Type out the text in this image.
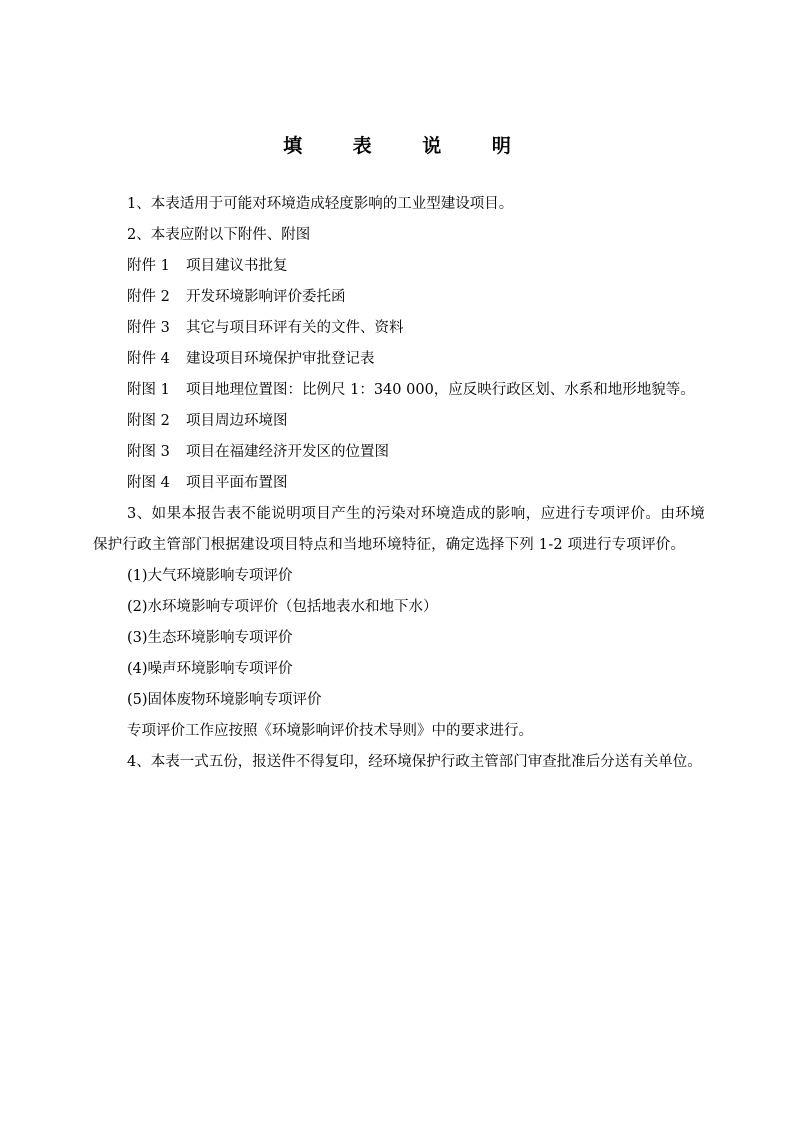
填 表 说 明

1、本表适用于可能对环境造成轻度影响的工业型建设项目。

2、本表应附以下附件、附图

附件 1 项目建议书批复

附件 2 开发环境影响评价委托函

附件 3 其它与项目环评有关的文件、资料

附件 4 建设项目环境保护审批登记表

附图 1 项目地理位置图：比例尺 1：340 000，应反映行政区划、水系和地形地貌等。

附图 2 项目周边环境图

附图 3 项目在福建经济开发区的位置图

附图 4 项目平面布置图

3、如果本报告表不能说明项目产生的污染对环境造成的影响，应进行专项评价。由环境保护行政主管部门根据建设项目特点和当地环境特征，确定选择下列 1-2 项进行专项评价。

(1)大气环境影响专项评价

(2)水环境影响专项评价（包括地表水和地下水）

(3)生态环境影响专项评价

(4)噪声环境影响专项评价

(5)固体废物环境影响专项评价

专项评价工作应按照《环境影响评价技术导则》中的要求进行。

4、本表一式五份，报送件不得复印，经环境保护行政主管部门审查批准后分送有关单位。
